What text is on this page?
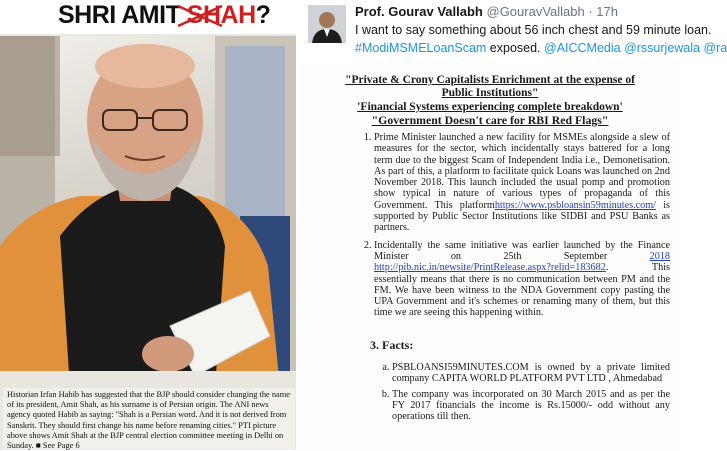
SHRI AMIT SHAH?
Historian Irfan Habib has suggested that the BJP should consider changing the name of its president, Amit Shah, as his surname is of Persian origin. The ANI news agency quoted Habib as saying: "Shah is a Persian word. And it is not derived from Sanskrit. They should first change his name before renaming cities." PTI picture above shows Amit Shah at the BJP central election committee meeting in Delhi on Sunday. ■ See Page 6
Prof. Gourav Vallabh @GouravVallabh · 17h
I want to say something about 56 inch chest and 59 minute loan.
#ModiMSMELoanScam exposed. @AICCMedia @rssurjewala @ra
"Private & Crony Capitalists Enrichment at the expense of
Public Institutions"
'Financial Systems experiencing complete breakdown'
"Government Doesn't care for RBI Red Flags"
1. Prime Minister launched a new facility for MSMEs alongside a slew of measures for the sector, which incidentally stays battered for a long term due to the biggest Scam of Independent India i.e., Demonetisation. As part of this, a platform to facilitate quick Loans was launched on 2nd November 2018. This launch included the usual pomp and promotion show typical in nature of various types of propaganda of this Government. This platformhttps://www.psbloansin59minutes.com/ is supported by Public Sector Institutions like SIDBI and PSU Banks as partners.
2. Incidentally the same initiative was earlier launched by the Finance Minister on 25th September 2018 http://pib.nic.in/newsite/PrintRelease.aspx?relid=183682. This essentially means that there is no communication between PM and the FM. We have been witness to the NDA Government copy pasting the UPA Government and it's schemes or renaming many of them, but this time we are seeing this happening within.
3. Facts:
a. PSBLOANSI59MINUTES.COM is owned by a private limited company CAPITA WORLD PLATFORM PVT LTD , Ahmedabad
b. The company was incorporated on 30 March 2015 and as per the FY 2017 financials the income is Rs.15000/- odd without any operations till then.
